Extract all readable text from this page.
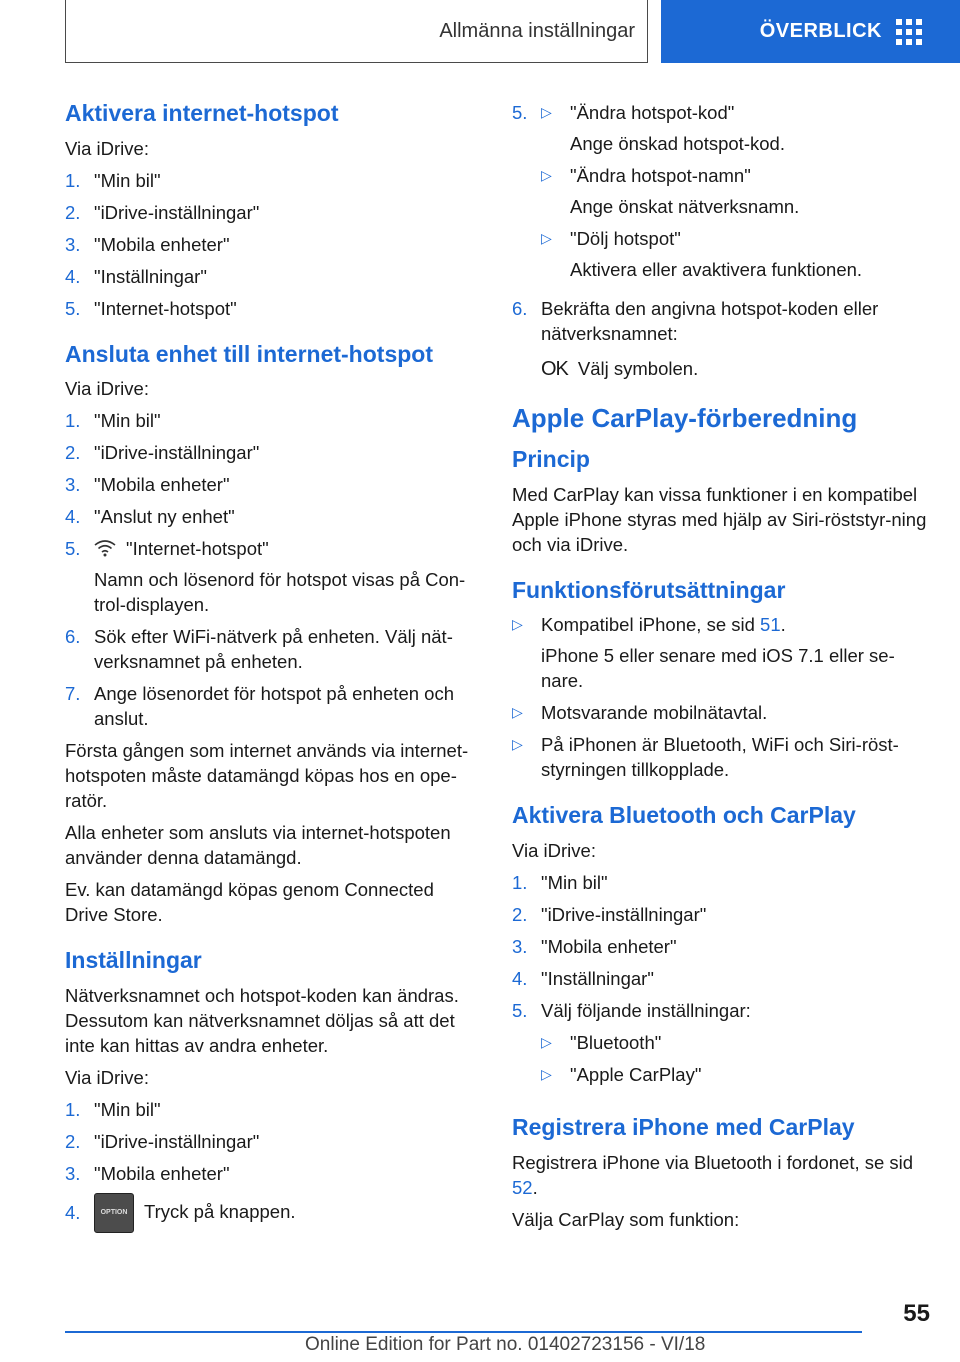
Allmänna inställningar	ÖVERBLICK
Aktivera internet-hotspot
Via iDrive:
1. "Min bil"
2. "iDrive-inställningar"
3. "Mobila enheter"
4. "Inställningar"
5. "Internet-hotspot"
Ansluta enhet till internet-hotspot
Via iDrive:
1. "Min bil"
2. "iDrive-inställningar"
3. "Mobila enheter"
4. "Anslut ny enhet"
5.	"Internet-hotspot"
Namn och lösenord för hotspot visas på Con-trol-displayen.
6. Sök efter WiFi-nätverk på enheten. Välj nät-verksnamnet på enheten.
7. Ange lösenordet för hotspot på enheten och anslut.
Första gången som internet används via internet-hotspoten måste datamängd köpas hos en ope-ratör.
Alla enheter som ansluts via internet-hotspoten använder denna datamängd.
Ev. kan datamängd köpas genom Connected Drive Store.
Inställningar
Nätverksnamnet och hotspot-koden kan ändras. Dessutom kan nätverksnamnet döljas så att det inte kan hittas av andra enheter.
Via iDrive:
1. "Min bil"
2. "iDrive-inställningar"
3. "Mobila enheter"
4.	OPTION Tryck på knappen.
5. ▷ "Ändra hotspot-kod"
Ange önskad hotspot-kod.
▷ "Ändra hotspot-namn"
Ange önskat nätverksnamn.
▷ "Dölj hotspot"
Aktivera eller avaktivera funktionen.
6. Bekräfta den angivna hotspot-koden eller nätverksnamnet:
OK Välj symbolen.
Apple CarPlay-förberedning
Princip
Med CarPlay kan vissa funktioner i en kompatibel Apple iPhone styras med hjälp av Siri-röststyr-ning och via iDrive.
Funktionsförutsättningar
▷ Kompatibel iPhone, se sid 51.
iPhone 5 eller senare med iOS 7.1 eller se-nare.
▷ Motsvarande mobilnätavtal.
▷ På iPhonen är Bluetooth, WiFi och Siri-röst-styrningen tillkopplade.
Aktivera Bluetooth och CarPlay
Via iDrive:
1. "Min bil"
2. "iDrive-inställningar"
3. "Mobila enheter"
4. "Inställningar"
5. Välj följande inställningar:
▷ "Bluetooth"
▷ "Apple CarPlay"
Registrera iPhone med CarPlay
Registrera iPhone via Bluetooth i fordonet, se sid 52.
Välja CarPlay som funktion:
55
Online Edition for Part no. 01402723156 - VI/18
